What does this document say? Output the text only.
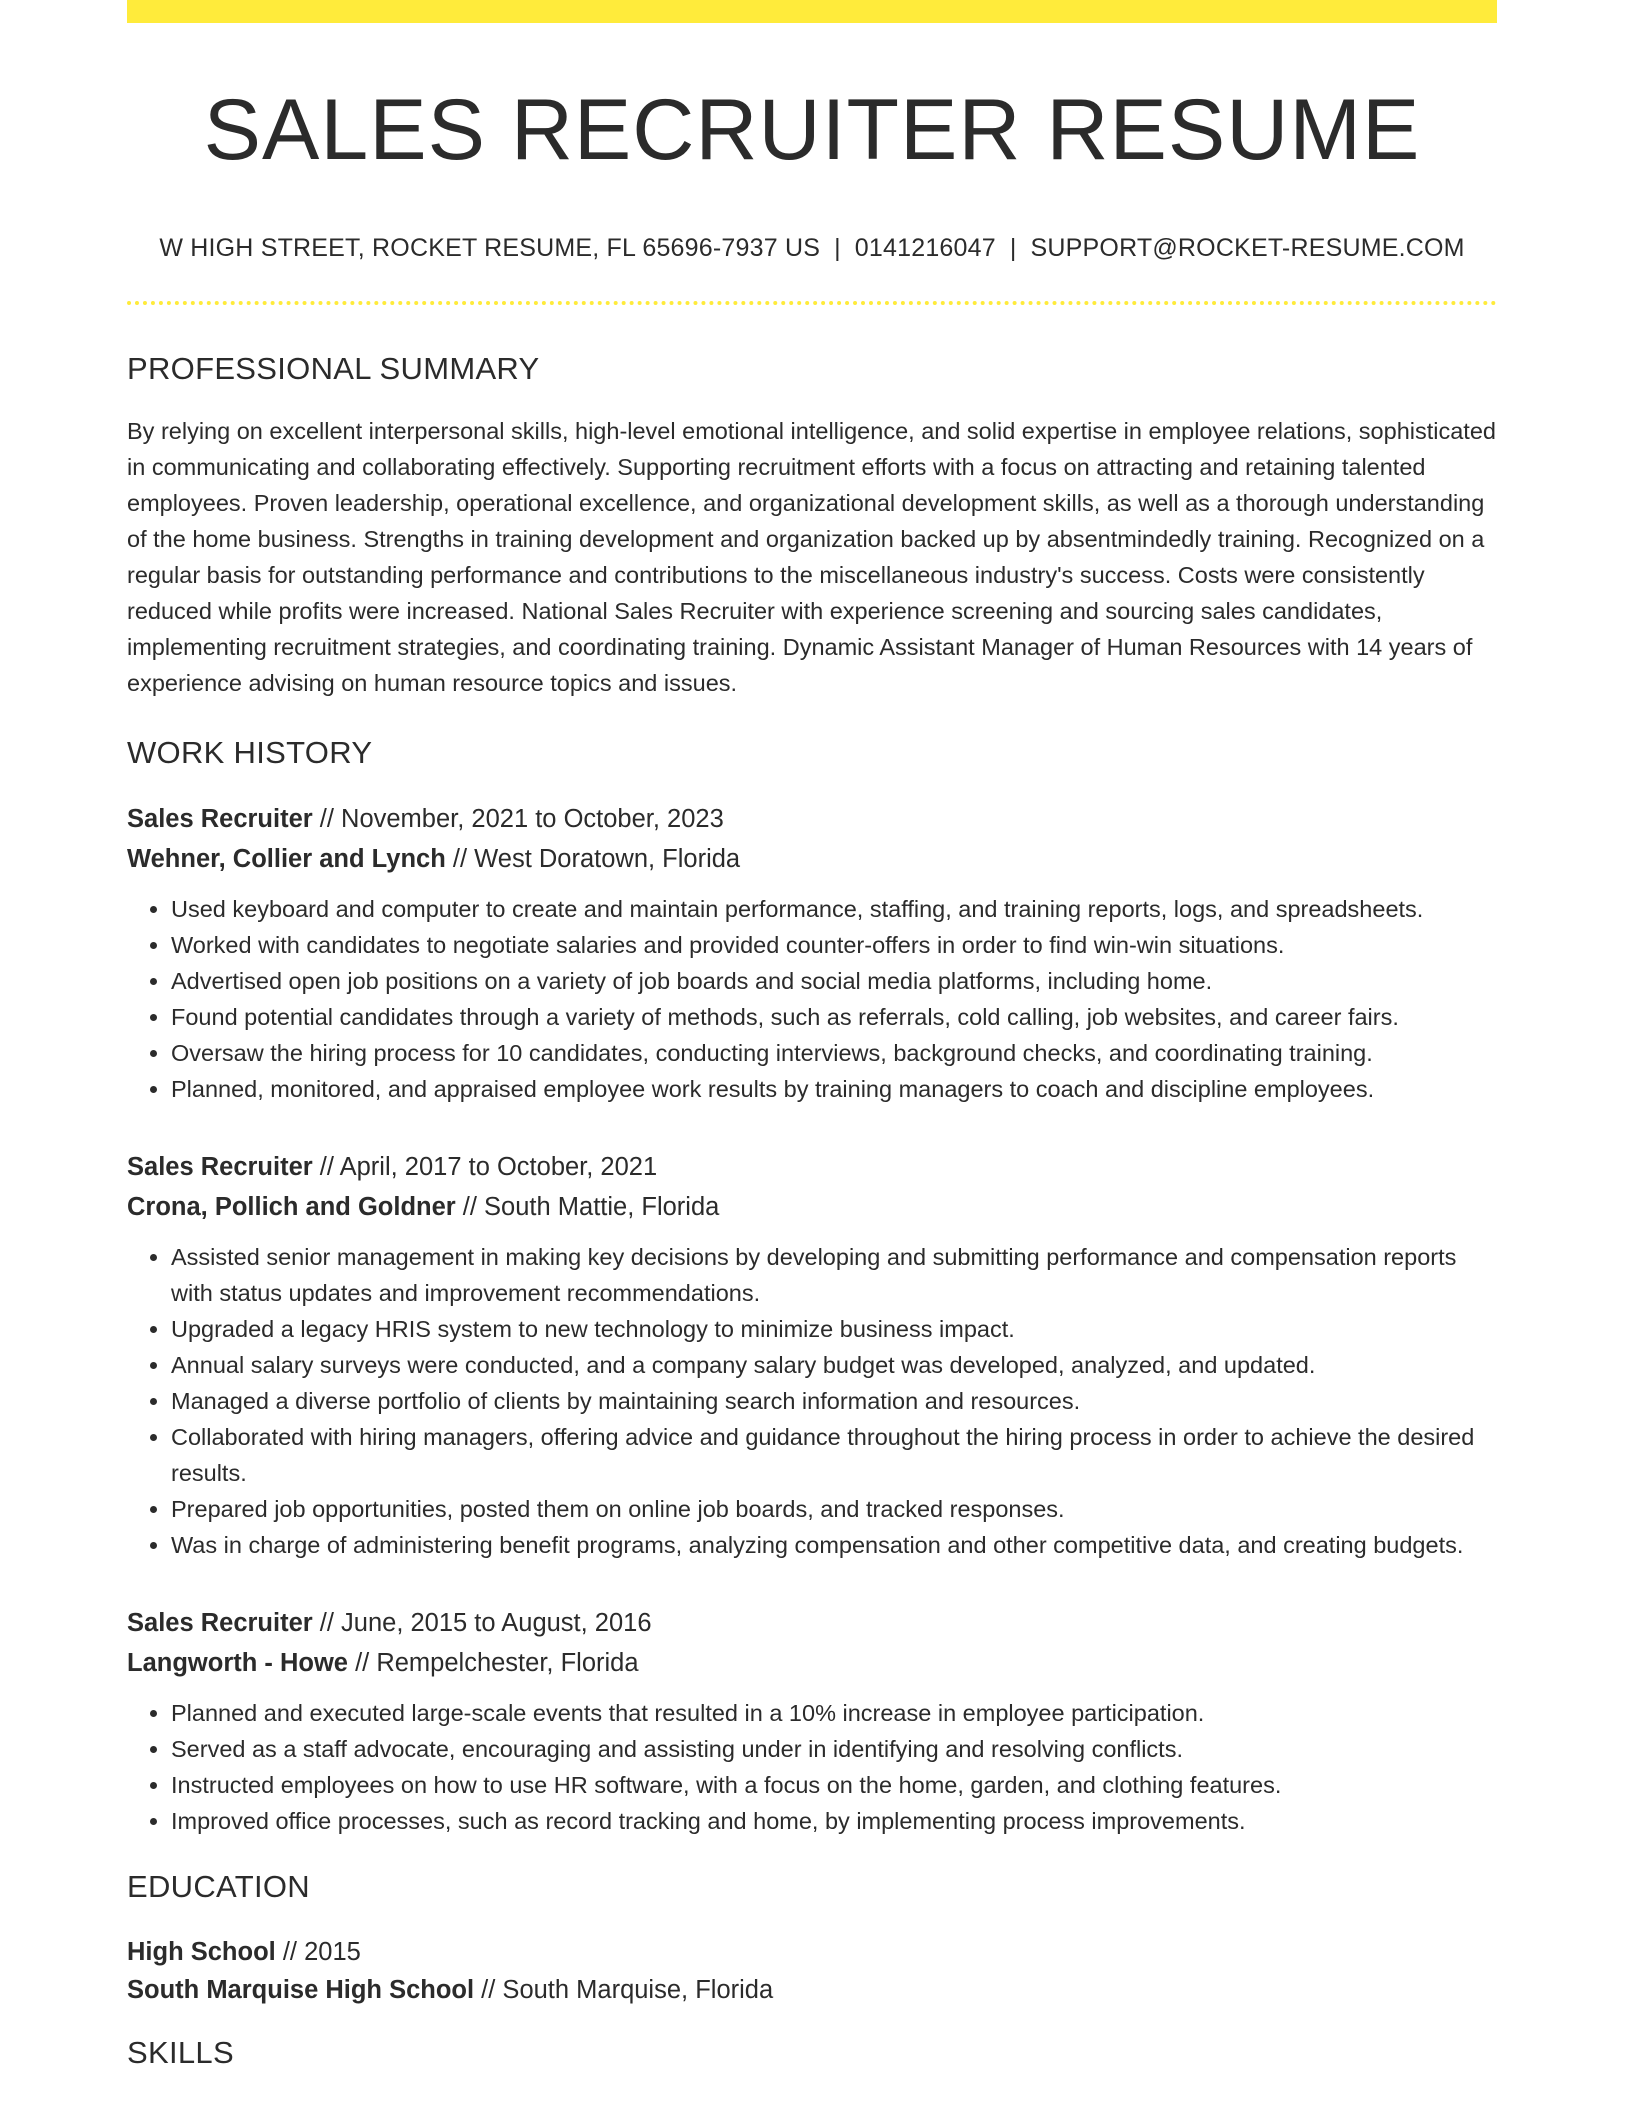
SALES RECRUITER RESUME
W HIGH STREET, ROCKET RESUME, FL 65696-7937 US | 0141216047 | SUPPORT@ROCKET-RESUME.COM
PROFESSIONAL SUMMARY

By relying on excellent interpersonal skills, high-level emotional intelligence, and solid expertise in employee relations, sophisticated in communicating and collaborating effectively. Supporting recruitment efforts with a focus on attracting and retaining talented employees. Proven leadership, operational excellence, and organizational development skills, as well as a thorough understanding of the home business. Strengths in training development and organization backed up by absentmindedly training. Recognized on a regular basis for outstanding performance and contributions to the miscellaneous industry's success. Costs were consistently reduced while profits were increased. National Sales Recruiter with experience screening and sourcing sales candidates, implementing recruitment strategies, and coordinating training. Dynamic Assistant Manager of Human Resources with 14 years of experience advising on human resource topics and issues.

WORK HISTORY
Sales Recruiter // November, 2021 to October, 2023
Wehner, Collier and Lynch // West Doratown, Florida
• Used keyboard and computer to create and maintain performance, staffing, and training reports, logs, and spreadsheets.
• Worked with candidates to negotiate salaries and provided counter-offers in order to find win-win situations.
• Advertised open job positions on a variety of job boards and social media platforms, including home.
• Found potential candidates through a variety of methods, such as referrals, cold calling, job websites, and career fairs.
• Oversaw the hiring process for 10 candidates, conducting interviews, background checks, and coordinating training.
• Planned, monitored, and appraised employee work results by training managers to coach and discipline employees.
Sales Recruiter // April, 2017 to October, 2021
Crona, Pollich and Goldner // South Mattie, Florida
• Assisted senior management in making key decisions by developing and submitting performance and compensation reports with status updates and improvement recommendations.
• Upgraded a legacy HRIS system to new technology to minimize business impact.
• Annual salary surveys were conducted, and a company salary budget was developed, analyzed, and updated.
• Managed a diverse portfolio of clients by maintaining search information and resources.
• Collaborated with hiring managers, offering advice and guidance throughout the hiring process in order to achieve the desired results.
• Prepared job opportunities, posted them on online job boards, and tracked responses.
• Was in charge of administering benefit programs, analyzing compensation and other competitive data, and creating budgets.
Sales Recruiter // June, 2015 to August, 2016
Langworth - Howe // Rempelchester, Florida
• Planned and executed large-scale events that resulted in a 10% increase in employee participation.
• Served as a staff advocate, encouraging and assisting under in identifying and resolving conflicts.
• Instructed employees on how to use HR software, with a focus on the home, garden, and clothing features.
• Improved office processes, such as record tracking and home, by implementing process improvements.
EDUCATION
High School // 2015
South Marquise High School // South Marquise, Florida
SKILLS
